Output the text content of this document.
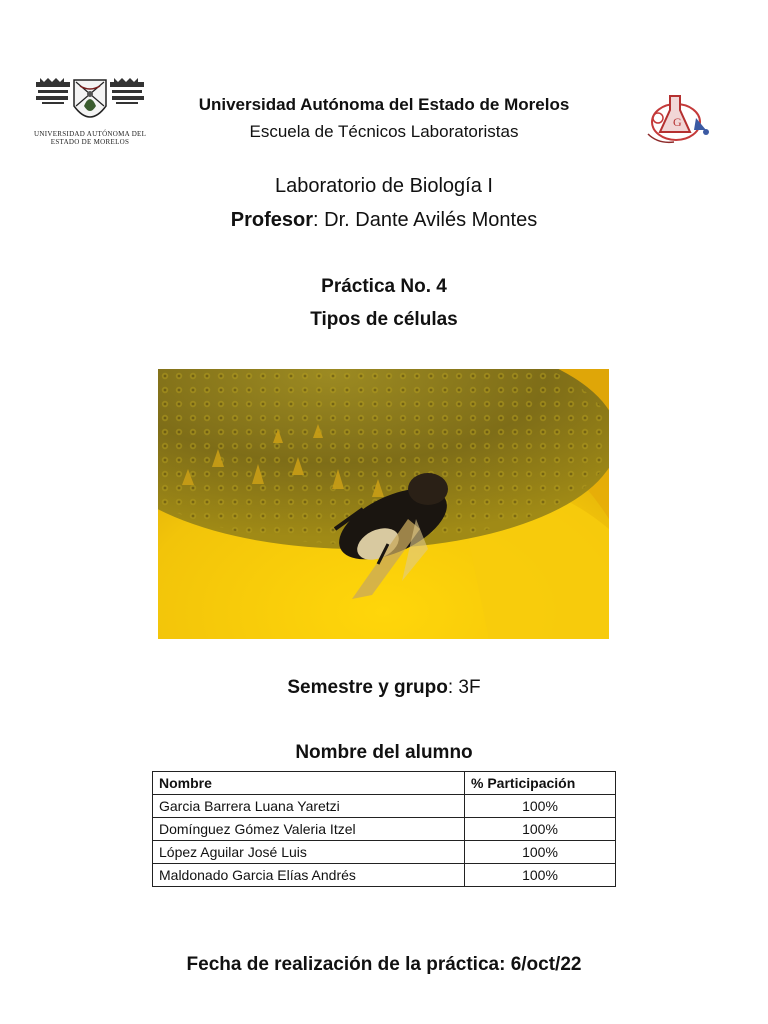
UNIVERSIDAD AUTÓNOMA DEL
ESTADO DE MORELOS
G
Universidad Autónoma del Estado de Morelos
Escuela de Técnicos Laboratoristas
Laboratorio de Biología I
Profesor: Dr. Dante Avilés Montes
Práctica No. 4
Tipos de células
Semestre y grupo: 3F
Nombre del alumno
Nombre	% Participación
Garcia Barrera Luana Yaretzi	100%
Domínguez Gómez Valeria Itzel	100%
López Aguilar José Luis	100%
Maldonado Garcia Elías Andrés	100%
Fecha de realización de la práctica: 6/oct/22
